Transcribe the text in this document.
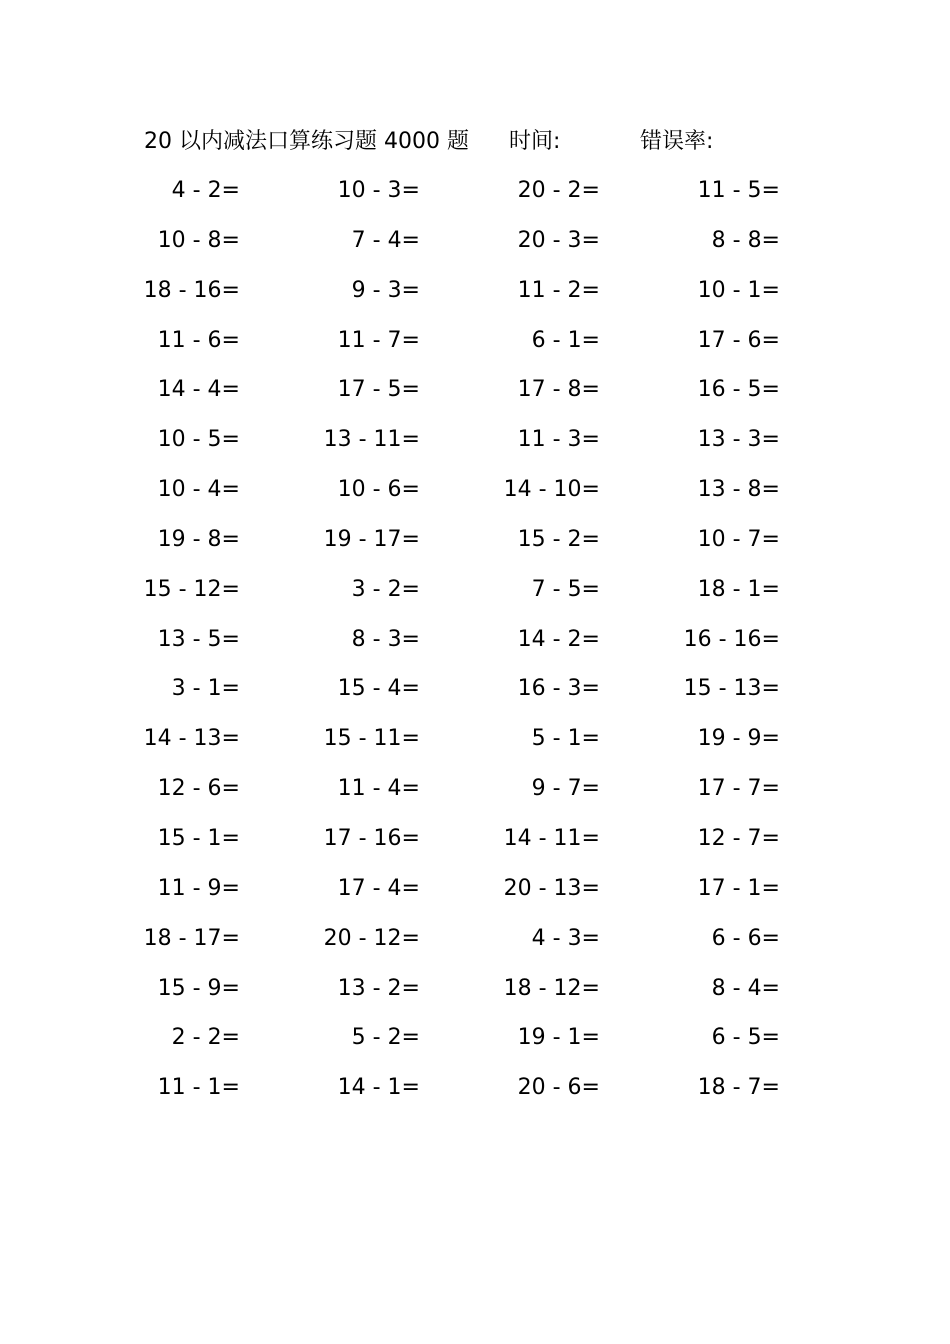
20 以内减法口算练习题 4000 题 时间:	错误率:
4 - 2=	10 - 3=	20 - 2=	11 - 5=
10 - 8=	7 - 4=	20 - 3=	8 - 8=
18 - 16=	9 - 3=	11 - 2=	10 - 1=
11 - 6=	11 - 7=	6 - 1=	17 - 6=
14 - 4=	17 - 5=	17 - 8=	16 - 5=
10 - 5=	13 - 11=	11 - 3=	13 - 3=
10 - 4=	10 - 6=	14 - 10=	13 - 8=
19 - 8=	19 - 17=	15 - 2=	10 - 7=
15 - 12=	3 - 2=	7 - 5=	18 - 1=
13 - 5=	8 - 3=	14 - 2=	16 - 16=
3 - 1=	15 - 4=	16 - 3=	15 - 13=
14 - 13=	15 - 11=	5 - 1=	19 - 9=
12 - 6=	11 - 4=	9 - 7=	17 - 7=
15 - 1=	17 - 16=	14 - 11=	12 - 7=
11 - 9=	17 - 4=	20 - 13=	17 - 1=
18 - 17=	20 - 12=	4 - 3=	6 - 6=
15 - 9=	13 - 2=	18 - 12=	8 - 4=
2 - 2=	5 - 2=	19 - 1=	6 - 5=
11 - 1=	14 - 1=	20 - 6=	18 - 7=
